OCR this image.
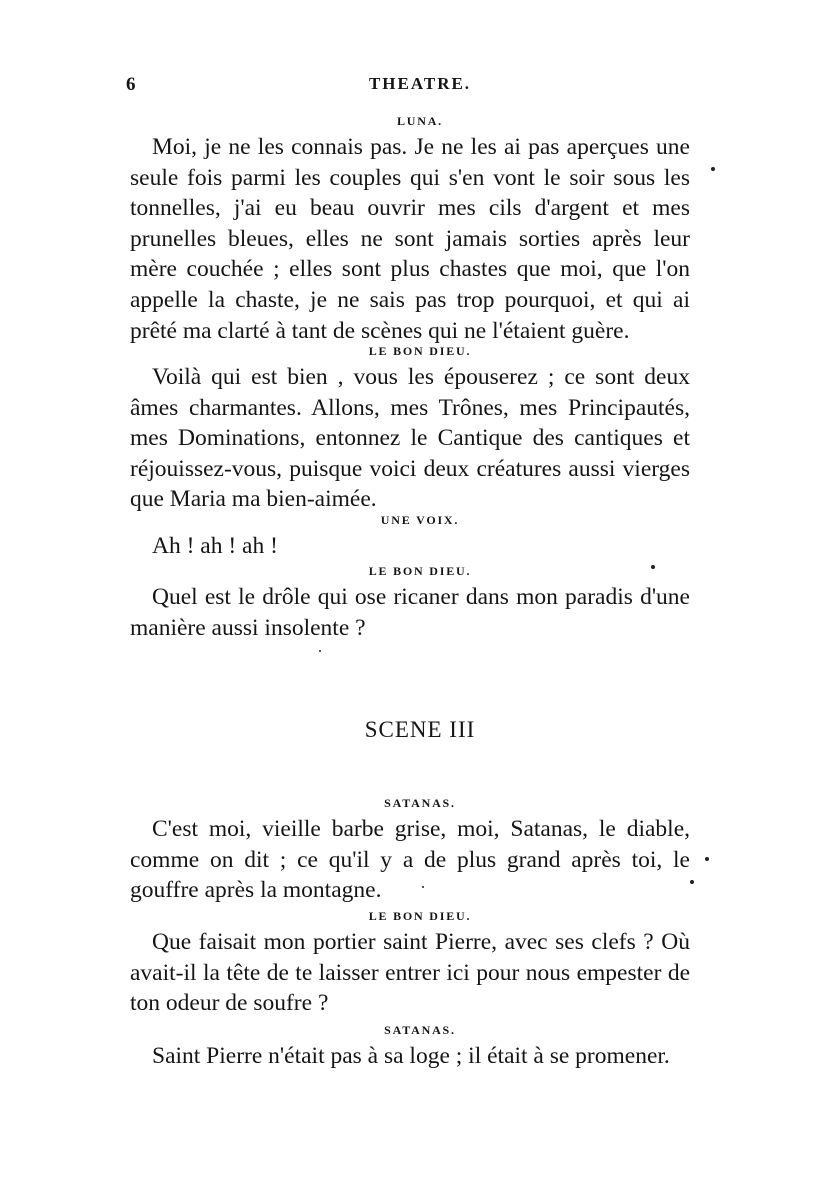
6	THEATRE.
LUNA.

Moi, je ne les connais pas. Je ne les ai pas aperçues une seule fois parmi les couples qui s'en vont le soir sous les tonnelles, j'ai eu beau ouvrir mes cils d'argent et mes prunelles bleues, elles ne sont jamais sorties après leur mère couchée ; elles sont plus chastes que moi, que l'on appelle la chaste, je ne sais pas trop pourquoi, et qui ai prêté ma clarté à tant de scènes qui ne l'étaient guère.

LE BON DIEU.

Voilà qui est bien , vous les épouserez ; ce sont deux âmes charmantes. Allons, mes Trônes, mes Principautés, mes Dominations, entonnez le Cantique des cantiques et réjouissez-vous, puisque voici deux créatures aussi vierges que Maria ma bien-aimée.

UNE VOIX.

Ah ! ah ! ah !

LE BON DIEU.

Quel est le drôle qui ose ricaner dans mon paradis d'une manière aussi insolente ?

SCENE III
SATANAS.

C'est moi, vieille barbe grise, moi, Satanas, le diable, comme on dit ; ce qu'il y a de plus grand après toi, le gouffre après la montagne.

LE BON DIEU.

Que faisait mon portier saint Pierre, avec ses clefs ? Où avait-il la tête de te laisser entrer ici pour nous empester de ton odeur de soufre ?

SATANAS.

Saint Pierre n'était pas à sa loge ; il était à se promener.
